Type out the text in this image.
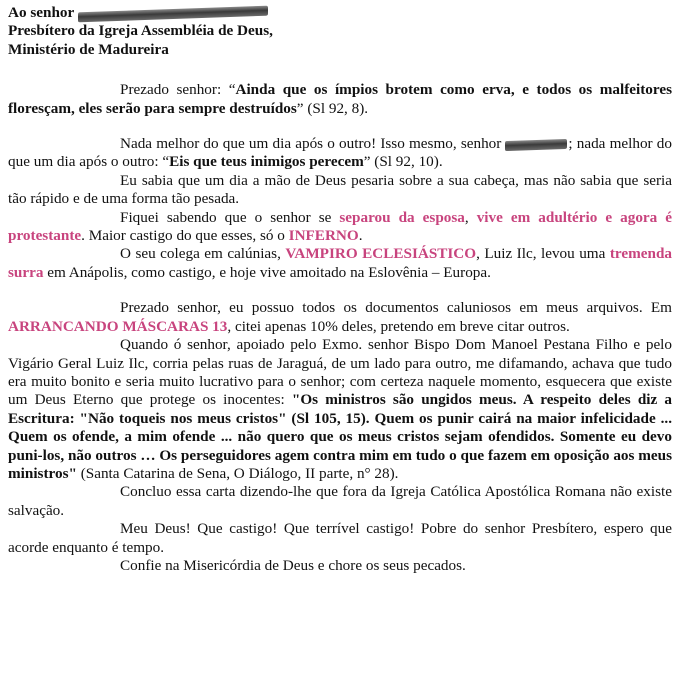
Ao senhor
Presbítero da Igreja Assembléia de Deus,
Ministério de Madureira

Prezado senhor: “Ainda que os ímpios brotem como erva, e todos os malfeitores floresçam, eles serão para sempre destruídos” (Sl 92, 8).

Nada melhor do que um dia após o outro! Isso mesmo, senhor	; nada melhor do que um dia após o outro: “Eis que teus inimigos perecem” (Sl 92, 10).

Eu sabia que um dia a mão de Deus pesaria sobre a sua cabeça, mas não sabia que seria tão rápido e de uma forma tão pesada.

Fiquei sabendo que o senhor se separou da esposa, vive em adultério e agora é protestante. Maior castigo do que esses, só o INFERNO.

O seu colega em calúnias, VAMPIRO ECLESIÁSTICO, Luiz Ilc, levou uma tremenda surra em Anápolis, como castigo, e hoje vive amoitado na Eslovênia – Europa.

Prezado senhor, eu possuo todos os documentos caluniosos em meus arquivos. Em ARRANCANDO MÁSCARAS 13, citei apenas 10% deles, pretendo em breve citar outros.

Quando ó senhor, apoiado pelo Exmo. senhor Bispo Dom Manoel Pestana Filho e pelo Vigário Geral Luiz Ilc, corria pelas ruas de Jaraguá, de um lado para outro, me difamando, achava que tudo era muito bonito e seria muito lucrativo para o senhor; com certeza naquele momento, esquecera que existe um Deus Eterno que protege os inocentes: "Os ministros são ungidos meus. A respeito deles diz a Escritura: "Não toqueis nos meus cristos" (Sl 105, 15). Quem os punir cairá na maior infelicidade ... Quem os ofende, a mim ofende ... não quero que os meus cristos sejam ofendidos. Somente eu devo puni-los, não outros … Os perseguidores agem contra mim em tudo o que fazem em oposição aos meus ministros" (Santa Catarina de Sena, O Diálogo, II parte, n° 28).

Concluo essa carta dizendo-lhe que fora da Igreja Católica Apostólica Romana não existe salvação.

Meu Deus! Que castigo! Que terrível castigo! Pobre do senhor Presbítero, espero que acorde enquanto é tempo.

Confie na Misericórdia de Deus e chore os seus pecados.
